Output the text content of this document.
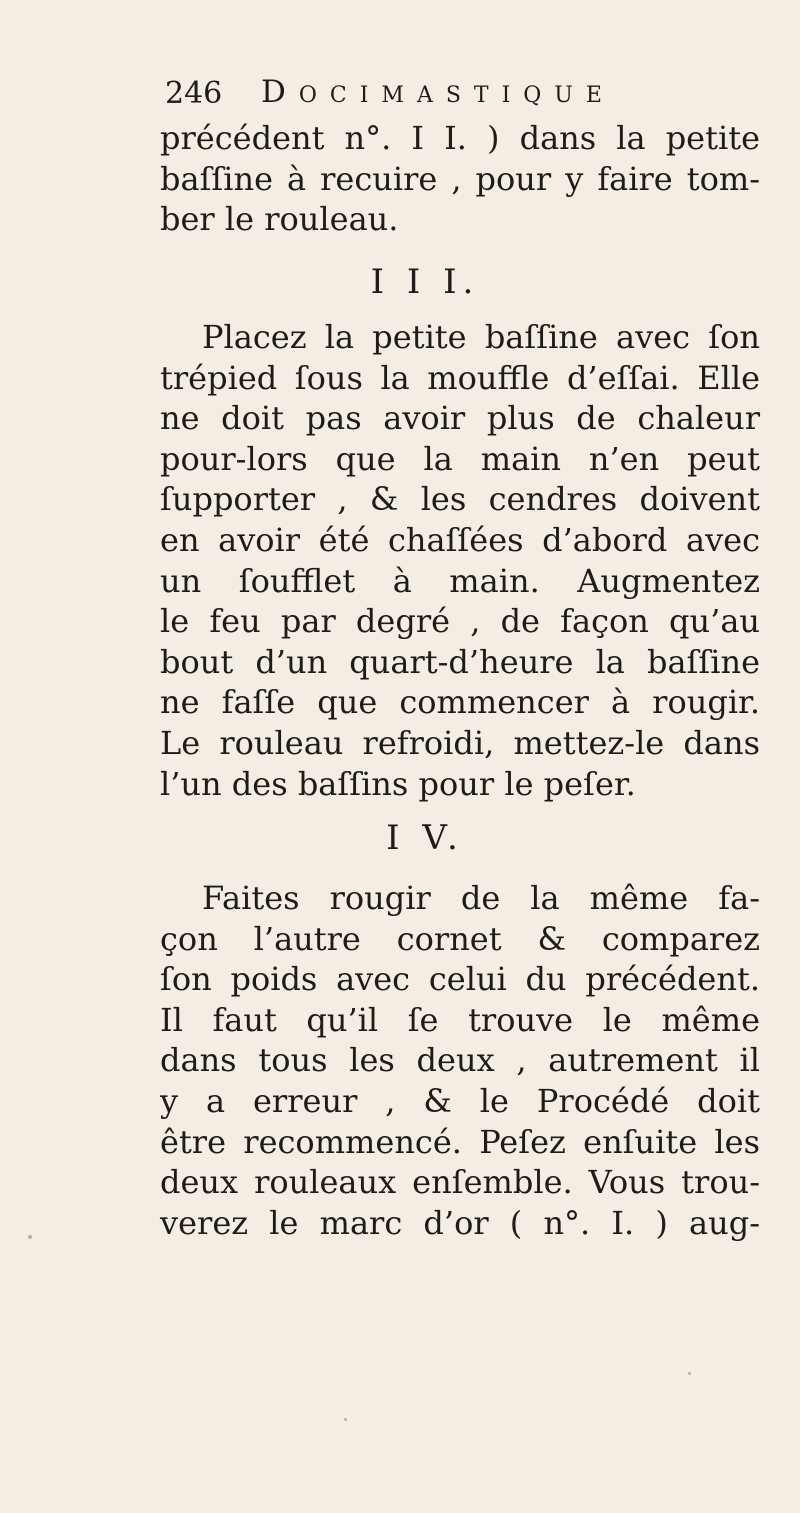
246 Docimastique
précédent n°. I I. ) dans la petite
baſſine à recuire , pour y faire tom-
ber le rouleau.
I I I.
Placez la petite baſſine avec ſon
trépied ſous la mouffle d’eſſai. Elle
ne doit pas avoir plus de chaleur
pour-lors que la main n’en peut
ſupporter , & les cendres doivent
en avoir été chaſſées d’abord avec
un ſoufflet à main. Augmentez
le feu par degré , de façon qu’au
bout d’un quart-d’heure la baſſine
ne faſſe que commencer à rougir.
Le rouleau refroidi, mettez-le dans
l’un des baſſins pour le peſer.
I V.
Faites rougir de la même fa-
çon l’autre cornet & comparez
ſon poids avec celui du précédent.
Il faut qu’il ſe trouve le même
dans tous les deux , autrement il
y a erreur , & le Procédé doit
être recommencé. Peſez enſuite les
deux rouleaux enſemble. Vous trou-
verez le marc d’or ( n°. I. ) aug-
